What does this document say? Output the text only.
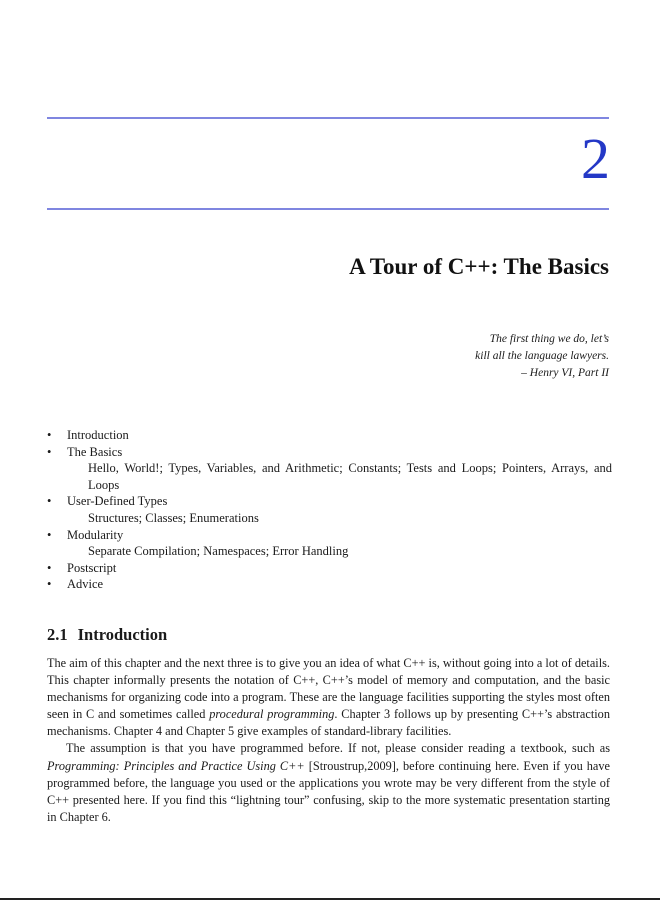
2
A Tour of C++: The Basics
The first thing we do, let’s
kill all the language lawyers.
– Henry VI, Part II
• Introduction
• The Basics
Hello, World!; Types, Variables, and Arithmetic; Constants; Tests and Loops; Pointers, Arrays, and Loops
• User-Defined Types
Structures; Classes; Enumerations
• Modularity
Separate Compilation; Namespaces; Error Handling
• Postscript
• Advice
2.1 Introduction

The aim of this chapter and the next three is to give you an idea of what C++ is, without going into a lot of details. This chapter informally presents the notation of C++, C++’s model of memory and computation, and the basic mechanisms for organizing code into a program. These are the language facilities supporting the styles most often seen in C and sometimes called procedural programming. Chapter 3 follows up by presenting C++’s abstraction mechanisms. Chapter 4 and Chapter 5 give examples of standard-library facilities.

The assumption is that you have programmed before. If not, please consider reading a textbook, such as Programming: Principles and Practice Using C++ [Stroustrup,2009], before continuing here. Even if you have programmed before, the language you used or the applications you wrote may be very different from the style of C++ presented here. If you find this “lightning tour” confusing, skip to the more systematic presentation starting in Chapter 6.
